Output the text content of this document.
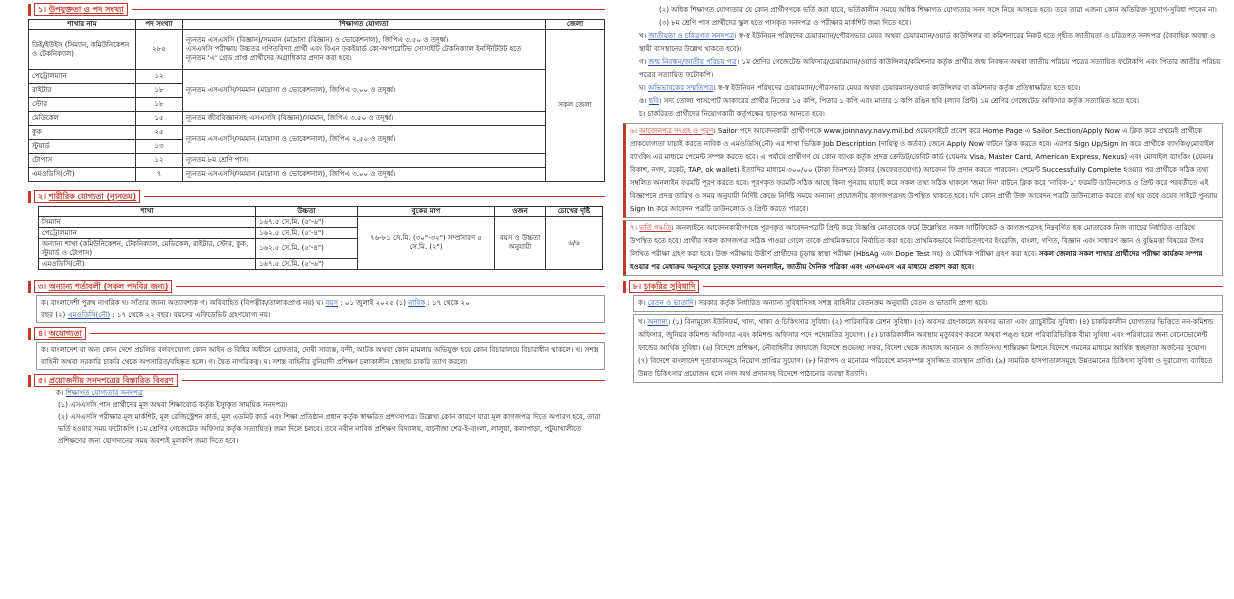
১। উপযুক্ততা ও পদ সংখ্যা
শাখার নাম	পদ সংখ্যা	শিক্ষাগত যোগ্যতা	জেলা
ডিই/ইউইস (সিম্যান, কমিউনিকেশন ও টেকনিক্যাল)	২৮৫	ন্যূনতম এসএসসি (বিজ্ঞান)/সমমান (মাদ্রাসা (বিজ্ঞান) ও ভোকেশনাল), জিপিএ ৩.৫০ ও তদূর্ধ্ব।
এসএসসি পরীক্ষায় উচ্চতর গণিতবিদ্যা প্রার্থী এবং বিএন ডকইয়ার্ড কো-অপারেটিভ সোসাইটি টেকনিক্যাল ইনস্টিটিউট হতে ন্যূনতম 'এ' গ্রেড প্রাপ্ত প্রার্থীদের অগ্রাধিকার প্রদান করা হবে।	সকল জেলা
পেট্রোলম্যান	১২	ন্যূনতম এসএসসি/সমমান (মাদ্রাসা ও ভোকেশনাল), জিপিএ ৩.০০ ও তদূর্ধ্ব।	
রাইটার	১৮		
স্টোর	১৮		
মেডিকেল	১৫	ন্যূনতম জীববিজ্ঞানসহ এসএসসি (বিজ্ঞান)/সমমান, জিপিএ ৩.৫০ ও তদূর্ধ্ব।	
কুক	২৫	ন্যূনতম এসএসসি/সমমান (মাদ্রাসা ও ভোকেশনাল), জিপিএ ২.৫০ ও তদূর্ধ্ব।	
স্টুয়ার্ড	১৩		
টোপাস	১২	ন্যূনতম ৮ম শ্রেণি পাস।	
এমওডিসি(নৌ)	৭	ন্যূনতম এসএসসি/সমমান (মাদ্রাসা ও ভোকেশনাল), জিপিএ ৩.০০ ও তদূর্ধ্ব।	
২। শারীরিক যোগ্যতা (ন্যূনতম)
শাখা	উচ্চতা	বুকের মাপ	ওজন	চোখের দৃষ্টি
সিম্যান	১৬৭.৫ সে.মি. (৫'-৬")	৭৬-৮১ সে.মি. (৩০"-৩২") সম্প্রসারণ ৫ সে.মি. (২")	বয়স ও উচ্চতা অনুযায়ী	৬/৬
পেট্রোলম্যান	১৬২.৫ সে.মি. (৫'-৪")			
অন্যান্য শাখা (কমিউনিকেশন, টেকনিক্যাল, মেডিকেল, রাইটার, স্টোর, কুক, স্টুয়ার্ড ও টোপাস)	১৬২.৫ সে.মি. (৫'-৪")			
এমওডিসি(নৌ)	১৬৭.৫ সে.মি. (৫'-৬")			
৩। অন্যান্য শর্তাবলী (সকল পদবির জন্য)

ক। বাংলাদেশী পুরুষ নাগরিক খ। সাঁতার জানা অত্যাবশ্যক গ। অবিবাহিত (বিপত্নীক/তালাকপ্রাপ্ত নয়) ঘ। বয়স : ০১ জুলাই ২০২৫ (১) নাবিক : ১৭ থেকে ২০

বছর (২) এমওডিসি(নৌ) : ১৭ থেকে ২২ বছর। বয়সের এফিডেভিট গ্রহণযোগ্য নয়।

৪। অযোগ্যতা

ক। বাংলাদেশ বা অন্য কোন দেশে প্রচলিত বলবৎযোগ্য কোন আইন ও বিধির অধীনে গ্রেফতার, দোষী সাব্যস্ত, বন্দী, আটক অথবা কোন মামলায় অভিযুক্ত হয়ে কোন বিচারালয়ে বিচারাধীন থাকলে। খ। সশস্ত্র বাহিনী অথবা সরকারি চাকরি থেকে অপসারিত/বহিষ্কৃত হলে। গ। দ্বৈত নাগরিকত্ব। ঘ। সশস্ত্র বাহিনীর বুনিয়াদী প্রশিক্ষণ চলাকালীন স্বেচ্ছায় চাকরি ত্যাগ করলে।

৫। প্রয়োজনীয় সনদপত্রের বিস্তারিত বিবরণ

ক। শিক্ষাগত যোগ্যতার সনদপত্র

(১) এসএসসি পাস প্রার্থীদের মূল অথবা শিক্ষাবোর্ড কর্তৃক ইস্যুকৃত সাময়িক সনদপত্র।

(২) এসএসসি পরীক্ষার মূল মার্কশিট, মূল রেজিস্ট্রেশন কার্ড, মূল এডমিট কার্ড এবং শিক্ষা প্রতিষ্ঠান প্রধান কর্তৃক স্বাক্ষরিত প্রশংসাপত্র। উল্লেখ্য কোন কারণে যারা মূল কাগজপত্র দিতে অপারগ হবে, তারা ভর্তি হওয়ার সময় ফটোকপি (১ম শ্রেণির গেজেটেড অফিসার কর্তৃক সত্যায়িত) জমা দিলে চলবে। তবে নবীন নাবিক প্রশিক্ষণ বিদ্যালয়, বানৌজা শের-ই-বাংলা, লালুয়া, কলাপাড়া, পটুয়াখালীতে প্রশিক্ষণের জন্য যোগদানের সময় অবশ্যই মূলকপি জমা দিতে হবে।

(২) অধিক শিক্ষাগত যোগ্যতার যে কোন প্রার্থীগণকে ভর্তি করা যাবে, ভর্তিকালীন সময়ে অধিক শিক্ষাগত যোগ্যতার সনদ সঙ্গে নিয়ে আসতে হবে। তবে তারা এজন্য কোন অতিরিক্ত সুযোগ-সুবিধা পাবেন না।

(৩) ৮ম শ্রেণি পাস প্রার্থীদের স্কুল হতে পাসকৃত সনদপত্র ও পরীক্ষার মার্কশিট জমা দিতে হবে।

খ। জাতীয়তা ও চরিত্রগত সনদপত্র। স্ব-স্ব ইউনিয়ন পরিষদের চেয়ারম্যান/পৌরসভার মেয়র অথবা চেয়ারম্যান/ওয়ার্ড কাউন্সিলর বা কমিশনারের নিকট হতে গৃহীত জাতীয়তা ও চরিত্রগত সনদপত্র (বৈবাহিক অবস্থা ও স্থায়ী বাসস্থানের উল্লেখ থাকতে হবে)।

গ। জন্ম নিবন্ধন/জাতীয় পরিচয় পত্র। ১ম শ্রেণির গেজেটেড অফিসার/চেয়ারম্যান/ওয়ার্ড কাউন্সিলর/কমিশনার কর্তৃক প্রার্থীর জন্ম নিবন্ধন অথবা জাতীয় পরিচয় পত্রের সত্যায়িত ফটোকপি এবং পিতার জাতীয় পরিচয় পত্রের সত্যায়িত ফটোকপি।

ঘ। অভিভাবকের সম্মতিপত্র। স্ব-স্ব ইউনিয়ন পরিষদের চেয়ারম্যান/পৌরসভার মেয়র অথবা চেয়ারম্যান/ওয়ার্ড কাউন্সিলর বা কমিশনার কর্তৃক প্রতিস্বাক্ষরিত হতে হবে।

ঙ। ছবি। সদ্য তোলা পাসপোর্ট আকারের প্রার্থীর নিজের ১৫ কপি, পিতার ১ কপি এবং মাতার ১ কপি রঙিন ছবি (ল্যাব প্রিন্ট) ১ম শ্রেণির গেজেটেড অফিসার কর্তৃক সত্যায়িত হতে হবে।

চ। চাকরিরত প্রার্থীদের নিয়োগকারী কর্তৃপক্ষের ছাড়পত্র আনতে হবে।

৬। আবেদনপত্র সংগ্রহ ও পূরণ। Sailor পদে আবেদনকারী প্রার্থীগণকে www.joinnavy.navy.mil.bd ওয়েবসাইটে প্রবেশ করে Home Page এ Sailor Section/Apply Now এ ক্লিক করে প্রথমেই প্রার্থীকে প্রাকযোগ্যতা যাচাই করতে নাবিক ও এমওডিসি(নৌ) এর শাখা ভিত্তিক Job Description (দায়িত্ব ও কর্তব্য) জেনে Apply Now বাটনে ক্লিক করতে হবে। এরপর Sign Up/Sign In করে প্রার্থীকে ব্যাংকিং/মোবাইল ব্যাংকিং এর মাধ্যমে পেমেন্ট সম্পন্ন করতে হবে। এ পর্যায়ে প্রার্থীগণ যে কোন ব্যাংক কর্তৃক প্রদত্ত ক্রেডিট/ডেবিট কার্ড (যেমনঃ Visa, Master Card, American Express, Nexus) এবং মোবাইল ব্যাংকিং (যেমনঃ বিকাশ, নগদ, রকেট, TAP, ok wallet) ইত্যাদির মাধ্যমে ৩০০/০০ (টাকা তিনশত) টাকার (অফেরতযোগ্য) আবেদন ফি প্রদান করতে পারবেন। পেমেন্ট Successfully Complete হওয়ার পর প্রার্থীকে সঠিক তথ্য সম্বলিত অনলাইন ফরমটি পূরণ করতে হবে। পূরণকৃত ফরমটি সঠিক আছে কিনা পুনরায় যাচাই করে সকল তথ্য সঠিক থাকলে 'জমা দিন' বাটনে ক্লিক করে 'নাবিক-১' ফরমটি ডাউনলোড ও প্রিন্ট করে পরবর্তীতে এই বিজ্ঞাপনে প্রদত্ত তারিখ ও সময় অনুযায়ী নির্দিষ্ট কেন্দ্রে নির্দিষ্ট সময়ে অন্যান্য প্রয়োজনীয় কাগজপত্রসহ উপস্থিত থাকতে হবে। যদি কোন প্রার্থী উক্ত আবেদন পত্রটি ডাউনলোড করতে ব্যর্থ হয় তবে ওয়েব সাইটে পুনরায় Sign In করে আবেদন পত্রটি ডাউনলোড ও প্রিন্ট করতে পারবে।

৭। ভর্তি পদ্ধতি। অনলাইনে আবেদনকারীগণকে পূরণকৃত আবেদনপত্রটি প্রিন্ট করে বিজ্ঞপ্তি মোতাবেক ফর্মে উল্লেখিত সকল সার্টিফিকেট ও কাগজপত্রসহ নিম্নবর্ণিত ছক মোতাবেক নিজ ব্যাচের নির্ধারিত তারিখে উপস্থিত হতে হবে। প্রার্থীর সকল কাগজপত্র সঠিক পাওয়া গেলে তাকে প্রাথমিকভাবে নির্বাচিত করা হবে। প্রাথমিকভাবে নির্বাচিতগণের ইংরেজি, বাংলা, গণিত, বিজ্ঞান এবং সাধারণ জ্ঞান ও বুদ্ধিমত্তা বিষয়ের উপর লিখিত পরীক্ষা গ্রহণ করা হবে। উক্ত পরীক্ষায় উত্তীর্ণ প্রার্থীদের চূড়ান্ত স্বাস্থ্য পরীক্ষা (HbsAg এবং Dope Test সহ) ও মৌখিক পরীক্ষা গ্রহণ করা হবে। সকল জেলার সকল শাখার প্রার্থীদের পরীক্ষা কার্যক্রম সম্পন্ন হওয়ার পর মেধাক্রম অনুসারে চূড়ান্ত ফলাফল অনলাইন, জাতীয় দৈনিক পত্রিকা এবং এসএমএস এর মাধ্যমে প্রকাশ করা হবে।

৮। চাকরির সুবিধাদি

ক। বেতন ও ভাতাদি। সরকার কর্তৃক নির্ধারিত অন্যান্য সুবিধাদিসহ সশস্ত্র বাহিনীর বেতনক্রম অনুযায়ী বেতন ও ভাতাদি প্রাপ্য হবে।

খ। অন্যান্য। (১) বিনামূল্যে ইউনিফর্ম, খাদ্য, থাকা ও চিকিৎসার সুবিধা। (২) পারিবারিক রেশন সুবিধা। (৩) অবসর গ্রহণকালে অবসর ভাতা এবং গ্র্যাচুইটির সুবিধা। (৪) চাকরিকালীন যোগ্যতার ভিত্তিতে নন-কমিশন্ড অফিসার, জুনিয়র কমিশন্ড অফিসার এবং কমিশন্ড অফিসার পদে পদোন্নতির সুযোগ। (৫) চাকরিকালীন অবস্থায় মৃত্যুবরণ করলে অথবা পঙ্গু হলে পরিবারিভিত্তিক বীমা সুবিধা এবং পরিবারের জন্য বেনেভোলেন্ট ফান্ডের আর্থিক সুবিধা। (৬) বিদেশে প্রশিক্ষণ, নৌবাহিনীর জাহাজে বিদেশে শুভেচ্ছা সফর, বিদেশ থেকে জাহাজ আনয়ন ও জাতিসংঘ শান্তিরক্ষা মিশনে বিদেশে গমনের মাধ্যমে আর্থিক স্বচ্ছলতা অর্জনের সুযোগ। (৭) বিদেশে বাংলাদেশ দূতাবাসসমূহে নিয়োগ প্রাপ্তির সুযোগ। (৮) নিরাপদ ও মনোরম পরিবেশে মানসম্পন্ন সুসজ্জিত বাসস্থান প্রাপ্তি। (৯) সামরিক হাসপাতালসমূহে উন্নতমানের চিকিৎসা সুবিধা ও দুরারোগ্য ব্যাধিতে উন্নত চিকিৎসার প্রয়োজন হলে নগদ অর্থ প্রদানসহ বিদেশে পাঠানোর ব্যবস্থা ইত্যাদি।
